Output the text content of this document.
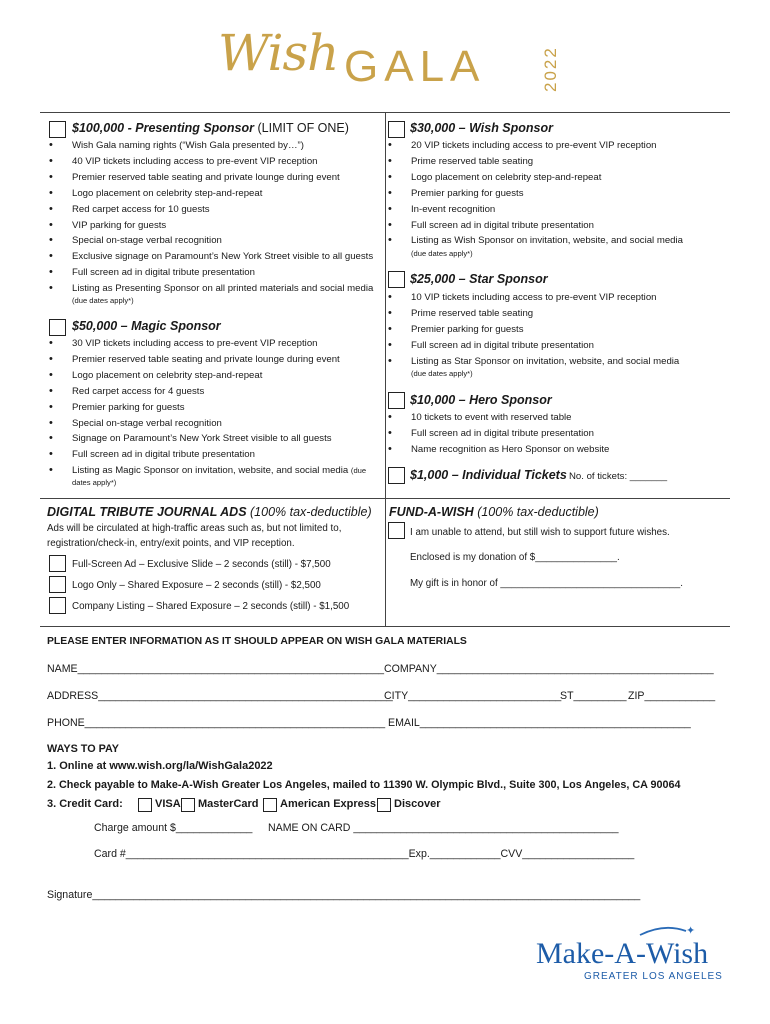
Wish GALA	2022
$100,000 - Presenting Sponsor (LIMIT OF ONE)
• Wish Gala naming rights (“Wish Gala presented by…”)
• 40 VIP tickets including access to pre-event VIP reception
• Premier reserved table seating and private lounge during event
• Logo placement on celebrity step-and-repeat
• Red carpet access for 10 guests
• VIP parking for guests
• Special on-stage verbal recognition
• Exclusive signage on Paramount’s New York Street visible to all guests
• Full screen ad in digital tribute presentation
• Listing as Presenting Sponsor on all printed materials and social media
(due dates apply*)
$50,000 – Magic Sponsor
• 30 VIP tickets including access to pre-event VIP reception
• Premier reserved table seating and private lounge during event
• Logo placement on celebrity step-and-repeat
• Red carpet access for 4 guests
• Premier parking for guests
• Special on-stage verbal recognition
• Signage on Paramount’s New York Street visible to all guests
• Full screen ad in digital tribute presentation
• Listing as Magic Sponsor on invitation, website, and social media (due
dates apply*)
$30,000 – Wish Sponsor
• 20 VIP tickets including access to pre-event VIP reception
• Prime reserved table seating
• Logo placement on celebrity step-and-repeat
• Premier parking for guests
• In-event recognition
• Full screen ad in digital tribute presentation
• Listing as Wish Sponsor on invitation, website, and social media
(due dates apply*)
$25,000 – Star Sponsor
• 10 VIP tickets including access to pre-event VIP reception
• Prime reserved table seating
• Premier parking for guests
• Full screen ad in digital tribute presentation
• Listing as Star Sponsor on invitation, website, and social media
(due dates apply*)
$10,000 – Hero Sponsor
• 10 tickets to event with reserved table
• Full screen ad in digital tribute presentation
• Name recognition as Hero Sponsor on website
$1,000 – Individual Tickets No. of tickets: _______
DIGITAL TRIBUTE JOURNAL ADS (100% tax-deductible)
Ads will be circulated at high-traffic areas such as, but not limited to,
registration/check-in, entry/exit points, and VIP reception.
Full-Screen Ad – Exclusive Slide – 2 seconds (still) - $7,500
Logo Only – Shared Exposure – 2 seconds (still) - $2,500
Company Listing – Shared Exposure – 2 seconds (still) - $1,500
FUND-A-WISH (100% tax-deductible)
I am unable to attend, but still wish to support future wishes.
Enclosed is my donation of $_______________.
My gift is in honor of _________________________________.
PLEASE ENTER INFORMATION AS IT SHOULD APPEAR ON WISH GALA MATERIALS
NAME____________________________________________________ COMPANY_______________________________________________
ADDRESS__________________________________________________
CITY__________________________
ST_________ ZIP____________
PHONE___________________________________________________ EMAIL______________________________________________
WAYS TO PAY
1. Online at www.wish.org/la/WishGala2022
2. Check payable to Make-A-Wish Greater Los Angeles, mailed to 11390 W. Olympic Blvd., Suite 300, Los Angeles, CA 90064
3. Credit Card:	VISA MasterCard American Express Discover
Charge amount $_____________ NAME ON CARD _____________________________________________
Card #________________________________________________Exp.____________CVV___________________
Signature_____________________________________________________________________________________________
✦
Make-A-Wish
GREATER LOS ANGELES
